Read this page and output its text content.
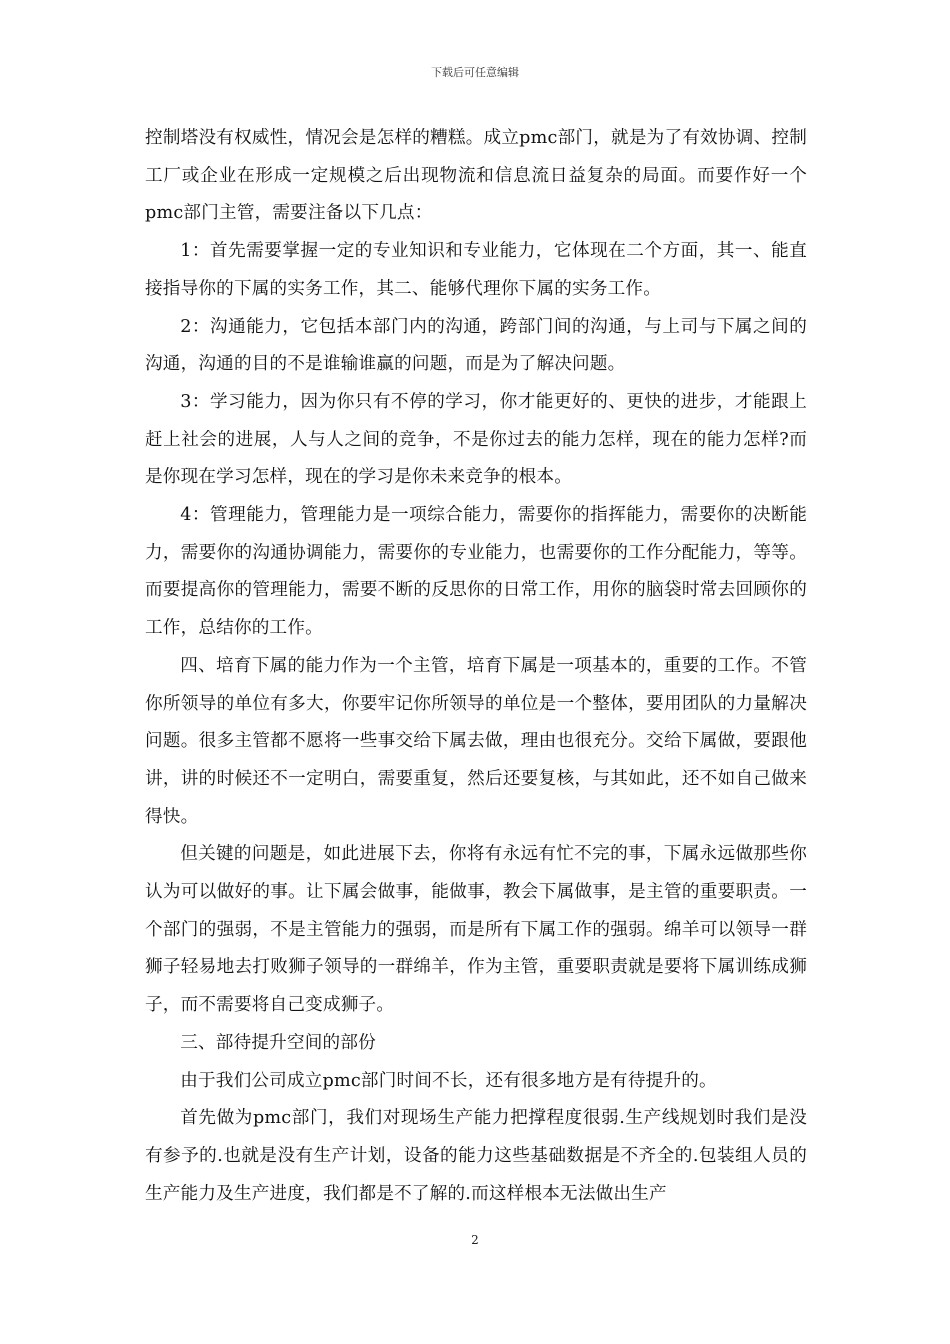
下载后可任意编辑

控制塔没有权威性，情况会是怎样的糟糕。成立pmc部门，就是为了有效协调、控制工厂或企业在形成一定规模之后出现物流和信息流日益复杂的局面。而要作好一个pmc部门主管，需要注备以下几点：

1：首先需要掌握一定的专业知识和专业能力，它体现在二个方面，其一、能直接指导你的下属的实务工作，其二、能够代理你下属的实务工作。

2：沟通能力，它包括本部门内的沟通，跨部门间的沟通，与上司与下属之间的沟通，沟通的目的不是谁输谁赢的问题，而是为了解决问题。

3：学习能力，因为你只有不停的学习，你才能更好的、更快的进步，才能跟上赶上社会的进展，人与人之间的竞争，不是你过去的能力怎样，现在的能力怎样?而是你现在学习怎样，现在的学习是你未来竞争的根本。

4：管理能力，管理能力是一项综合能力，需要你的指挥能力，需要你的决断能力，需要你的沟通协调能力，需要你的专业能力，也需要你的工作分配能力，等等。而要提高你的管理能力，需要不断的反思你的日常工作，用你的脑袋时常去回顾你的工作，总结你的工作。

四、培育下属的能力作为一个主管，培育下属是一项基本的，重要的工作。不管你所领导的单位有多大，你要牢记你所领导的单位是一个整体，要用团队的力量解决问题。很多主管都不愿将一些事交给下属去做，理由也很充分。交给下属做，要跟他讲，讲的时候还不一定明白，需要重复，然后还要复核，与其如此，还不如自己做来得快。

但关键的问题是，如此进展下去，你将有永远有忙不完的事，下属永远做那些你认为可以做好的事。让下属会做事，能做事，教会下属做事，是主管的重要职责。一个部门的强弱，不是主管能力的强弱，而是所有下属工作的强弱。绵羊可以领导一群狮子轻易地去打败狮子领导的一群绵羊，作为主管，重要职责就是要将下属训练成狮子，而不需要将自己变成狮子。

三、部待提升空间的部份

由于我们公司成立pmc部门时间不长，还有很多地方是有待提升的。

首先做为pmc部门，我们对现场生产能力把撑程度很弱.生产线规划时我们是没有参予的.也就是没有生产计划，设备的能力这些基础数据是不齐全的.包装组人员的生产能力及生产进度，我们都是不了解的.而这样根本无法做出生产

2
